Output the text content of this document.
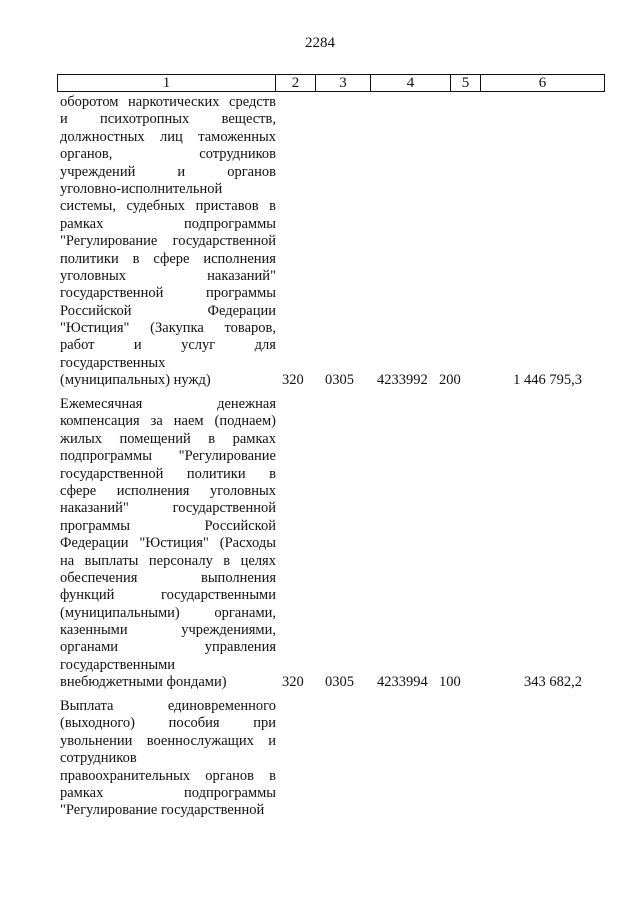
2284
1	2	3	4	5	6
оборотом наркотических средств
и психотропных веществ,
должностных лиц таможенных
органов,	сотрудников
учреждений	и	органов
уголовно-исполнительной
системы, судебных приставов в
рамках	подпрограммы
"Регулирование государственной
политики в сфере исполнения
уголовных	наказаний"
государственной	программы
Российской	Федерации
"Юстиция" (Закупка товаров,
работ	и	услуг	для
государственных
(муниципальных) нужд)	320 0305 4233992 200	1 446 795,3
Ежемесячная	денежная
компенсация за наем (поднаем)
жилых помещений в рамках
подпрограммы "Регулирование
государственной политики в
сфере исполнения уголовных
наказаний"	государственной
программы	Российской
Федерации "Юстиция" (Расходы
на выплаты персоналу в целях
обеспечения	выполнения
функций	государственными
(муниципальными) органами,
казенными	учреждениями,
органами	управления
государственными
внебюджетными фондами)	320 0305 4233994 100	343 682,2
Выплата	единовременного
(выходного) пособия при
увольнении военнослужащих и
сотрудников
правоохранительных органов в
рамках	подпрограммы
"Регулирование государственной
